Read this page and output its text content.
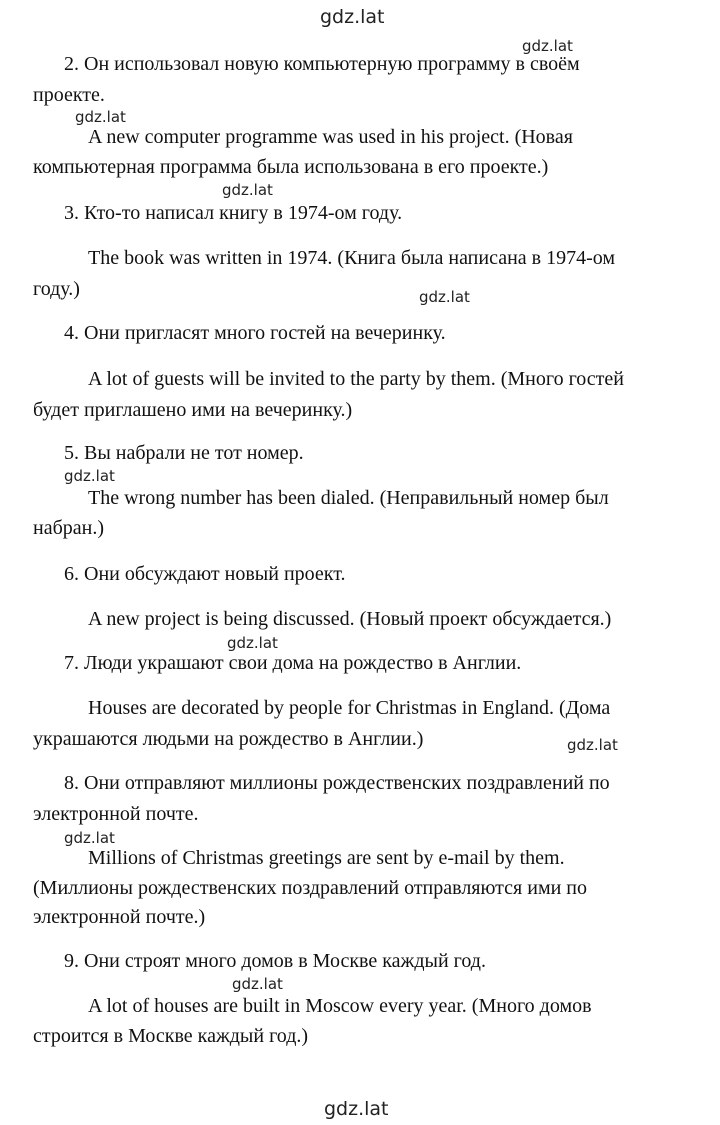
gdz.lat
gdz.lat
gdz.lat
gdz.lat
gdz.lat
gdz.lat
gdz.lat
gdz.lat
gdz.lat
gdz.lat
gdz.lat
2. Он использовал новую компьютерную программу в своём
проекте.
A new computer programme was used in his project. (Новая
компьютерная программа была использована в его проекте.)
3. Кто-то написал книгу в 1974-ом году.
The book was written in 1974. (Книга была написана в 1974-ом
году.)
4. Они пригласят много гостей на вечеринку.
A lot of guests will be invited to the party by them. (Много гостей
будет приглашено ими на вечеринку.)
5. Вы набрали не тот номер.
The wrong number has been dialed. (Неправильный номер был
набран.)
6. Они обсуждают новый проект.
A new project is being discussed. (Новый проект обсуждается.)
7. Люди украшают свои дома на рождество в Англии.
Houses are decorated by people for Christmas in England. (Дома
украшаются людьми на рождество в Англии.)
8. Они отправляют миллионы рождественских поздравлений по
электронной почте.
Millions of Christmas greetings are sent by e-mail by them.
(Миллионы рождественских поздравлений отправляются ими по
электронной почте.)
9. Они строят много домов в Москве каждый год.
A lot of houses are built in Moscow every year. (Много домов
строится в Москве каждый год.)
